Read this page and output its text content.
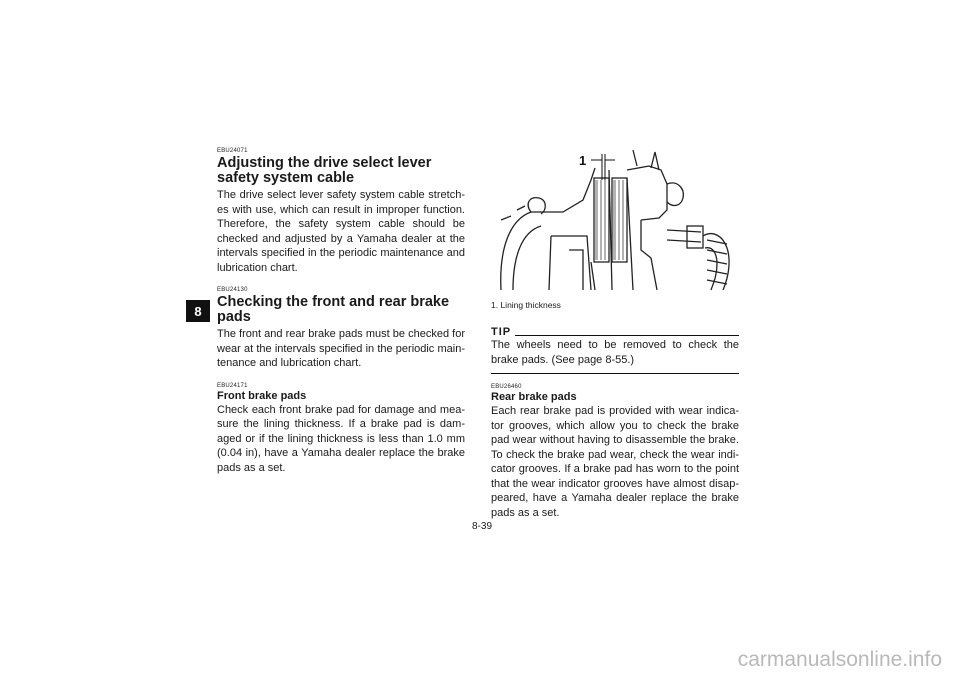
8
EBU24071
Adjusting the drive select lever safety system cable

The drive select lever safety system cable stretch-es with use, which can result in improper function. Therefore, the safety system cable should be checked and adjusted by a Yamaha dealer at the intervals specified in the periodic maintenance and lubrication chart.

EBU24130
Checking the front and rear brake pads

The front and rear brake pads must be checked for wear at the intervals specified in the periodic main-tenance and lubrication chart.

EBU24171
Front brake pads

Check each front brake pad for damage and mea-sure the lining thickness. If a brake pad is dam-aged or if the lining thickness is less than 1.0 mm (0.04 in), have a Yamaha dealer replace the brake pads as a set.

1
1. Lining thickness
TIP

The wheels need to be removed to check the brake pads. (See page 8-55.)

EBU26460
Rear brake pads

Each rear brake pad is provided with wear indica-tor grooves, which allow you to check the brake pad wear without having to disassemble the brake. To check the brake pad wear, check the wear indi-cator grooves. If a brake pad has worn to the point that the wear indicator grooves have almost disap-peared, have a Yamaha dealer replace the brake pads as a set.

8-39
carmanualsonline.info
